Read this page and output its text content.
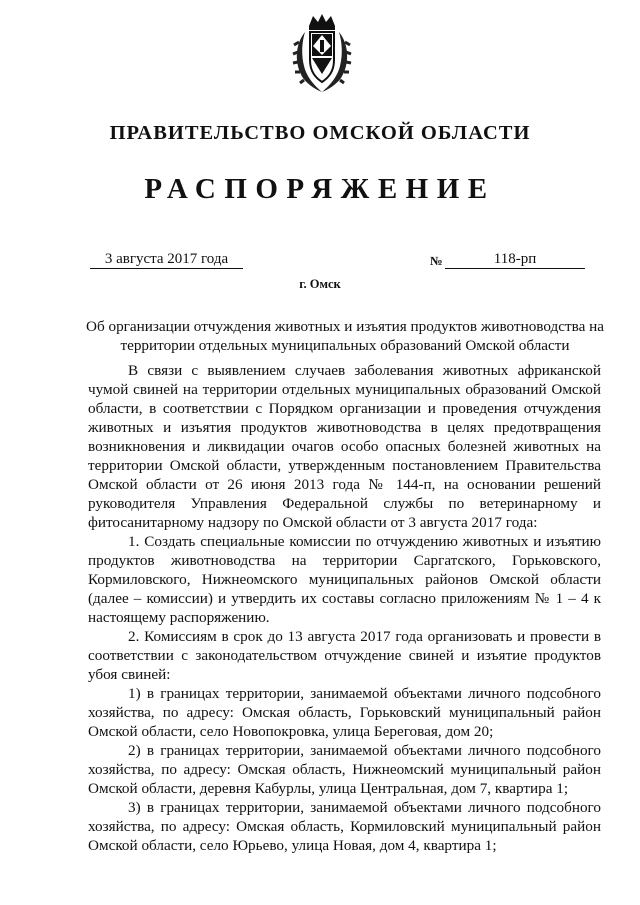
ПРАВИТЕЛЬСТВО ОМСКОЙ ОБЛАСТИ
РАСПОРЯЖЕНИЕ
3 августа 2017 года	№	118-рп
г. Омск
Об организации отчуждения животных и изъятия продуктов животноводства на территории отдельных муниципальных образований Омской области

В связи с выявлением случаев заболевания животных африканской чумой свиней на территории отдельных муниципальных образований Омской области, в соответствии с Порядком организации и проведения отчуждения животных и изъятия продуктов животноводства в целях предотвращения возникновения и ликвидации очагов особо опасных болезней животных на территории Омской области, утвержденным постановлением Правительства Омской области от 26 июня 2013 года № 144-п, на основании решений руководителя Управления Федеральной службы по ветеринарному и фитосанитарному надзору по Омской области от 3 августа 2017 года:

1. Создать специальные комиссии по отчуждению животных и изъятию продуктов животноводства на территории Саргатского, Горьковского, Кормиловского, Нижнеомского муниципальных районов Омской области (далее – комиссии) и утвердить их составы согласно приложениям № 1 – 4 к настоящему распоряжению.

2. Комиссиям в срок до 13 августа 2017 года организовать и провести в соответствии с законодательством отчуждение свиней и изъятие продуктов убоя свиней:

1) в границах территории, занимаемой объектами личного подсобного хозяйства, по адресу: Омская область, Горьковский муниципальный район Омской области, село Новопокровка, улица Береговая, дом 20;

2) в границах территории, занимаемой объектами личного подсобного хозяйства, по адресу: Омская область, Нижнеомский муниципальный район Омской области, деревня Кабурлы, улица Центральная, дом 7, квартира 1;

3) в границах территории, занимаемой объектами личного подсобного хозяйства, по адресу: Омская область, Кормиловский муниципальный район Омской области, село Юрьево, улица Новая, дом 4, квартира 1;
